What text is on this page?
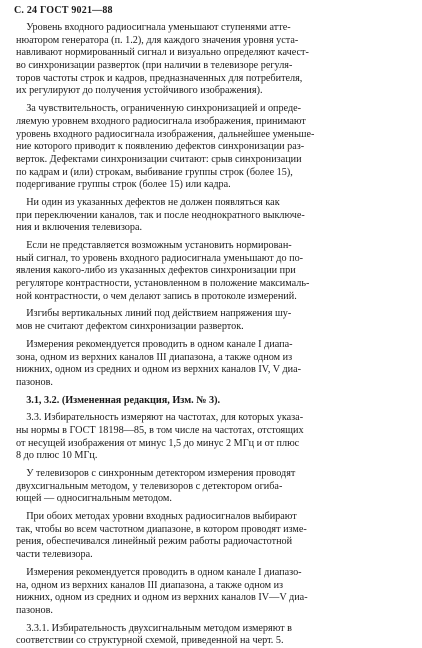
С. 24 ГОСТ 9021—88
Уровень входного радиосигнала уменьшают ступенями атте-
нюатором генератора (п. 1.2), для каждого значения уровня уста-
навливают нормированный сигнал и визуально определяют качест-
во синхронизации разверток (при наличии в телевизоре регуля-
торов частоты строк и кадров, предназначенных для потребителя,
их регулируют до получения устойчивого изображения).
За чувствительность, ограниченную синхронизацией и опреде-
ляемую уровнем входного радиосигнала изображения, принимают
уровень входного радиосигнала изображения, дальнейшее уменьше-
ние которого приводит к появлению дефектов синхронизации раз-
верток. Дефектами синхронизации считают: срыв синхронизации
по кадрам и (или) строкам, выбивание группы строк (более 15),
подергивание группы строк (более 15) или кадра.
Ни один из указанных дефектов не должен появляться как
при переключении каналов, так и после неоднократного выключе-
ния и включения телевизора.
Если не представляется возможным установить нормирован-
ный сигнал, то уровень входного радиосигнала уменьшают до по-
явления какого-либо из указанных дефектов синхронизации при
регуляторе контрастности, установленном в положение максималь-
ной контрастности, о чем делают запись в протоколе измерений.
Изгибы вертикальных линий под действием напряжения шу-
мов не считают дефектом синхронизации разверток.
Измерения рекомендуется проводить в одном канале I диапа-
зона, одном из верхних каналов III диапазона, а также одном из
нижних, одном из средних и одном из верхних каналов IV, V диа-
пазонов.
3.1, 3.2. (Измененная редакция, Изм. № 3).
3.3. Избирательность измеряют на частотах, для которых указа-
ны нормы в ГОСТ 18198—85, в том числе на частотах, отстоящих
от несущей изображения от минус 1,5 до минус 2 МГц и от плюс
8 до плюс 10 МГц.
У телевизоров с синхронным детектором измерения проводят
двухсигнальным методом, у телевизоров с детектором огиба-
ющей — односигнальным методом.
При обоих методах уровни входных радиосигналов выбирают
так, чтобы во всем частотном диапазоне, в котором проводят изме-
рения, обеспечивался линейный режим работы радиочастотной
части телевизора.
Измерения рекомендуется проводить в одном канале I диапазо-
на, одном из верхних каналов III диапазона, а также одном из
нижних, одном из средних и одном из верхних каналов IV—V диа-
пазонов.
3.3.1. Избирательность двухсигнальным методом измеряют в
соответствии со структурной схемой, приведенной на черт. 5.
